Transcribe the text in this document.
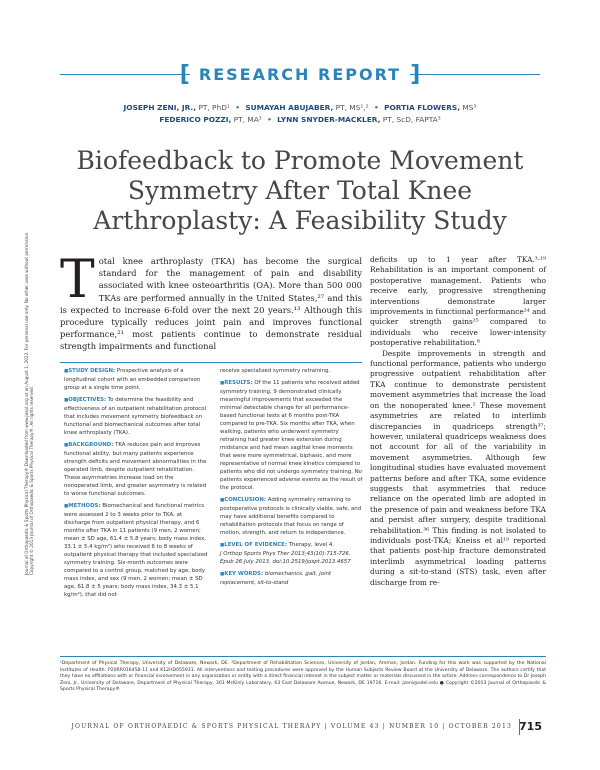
Journal of Orthopaedic & Sports Physical Therapy® Downloaded from www.jospt.org at on August 1, 2022. For personal use only. No other uses without permission. Copyright © 2013 Journal of Orthopaedic & Sports Physical Therapy®. All rights reserved.
RESEARCH REPORT
JOSEPH ZENI, JR., PT, PhD¹ • SUMAYAH ABUJABER, PT, MS¹,² • PORTIA FLOWERS, MS³
FEDERICO POZZI, PT, MA³ • LYNN SNYDER-MACKLER, PT, ScD, FAPTA³
Biofeedback to Promote Movement Symmetry After Total Knee Arthroplasty: A Feasibility Study
T otal knee arthroplasty (TKA) has become the surgical standard for the management of pain and disability associated with knee osteoarthritis (OA). More than 500 000 TKAs are performed annually in the United States,²⁷ and this is expected to increase 6-fold over the next 20 years.¹³ Although this procedure typically reduces joint pain and improves functional performance,²¹ most patients continue to demonstrate residual strength impairments and functional
■ STUDY DESIGN: Prospective analysis of a longitudinal cohort with an embedded comparison group at a single time point.
■ OBJECTIVES: To determine the feasibility and effectiveness of an outpatient rehabilitation protocol that includes movement symmetry biofeedback on functional and biomechanical outcomes after total knee arthroplasty (TKA).
■ BACKGROUND: TKA reduces pain and improves functional ability, but many patients experience strength deficits and movement abnormalities in the operated limb, despite outpatient rehabilitation. These asymmetries increase load on the nonoperated limb, and greater asymmetry is related to worse functional outcomes.
■ METHODS: Biomechanical and functional metrics were assessed 2 to 3 weeks prior to TKA, at discharge from outpatient physical therapy, and 6 months after TKA in 11 patients (9 men, 2 women; mean ± SD age, 61.4 ± 5.8 years; body mass index, 33.1 ± 5.4 kg/m²) who received 6 to 8 weeks of outpatient physical therapy that included specialized symmetry training. Six-month outcomes were compared to a control group, matched by age, body mass index, and sex (9 men, 2 women; mean ± SD age, 61.8 ± 5 years; body mass index, 34.3 ± 5.1 kg/m²), that did not
receive specialized symmetry retraining.
■ RESULTS: Of the 11 patients who received added symmetry training, 9 demonstrated clinically meaningful improvements that exceeded the minimal detectable change for all performance-based functional tests at 6 months post-TKA compared to pre-TKA. Six months after TKA, when walking, patients who underwent symmetry retraining had greater knee extension during midstance and had mean sagittal knee moments that were more symmetrical, biphasic, and more representative of normal knee kinetics compared to patients who did not undergo symmetry training. No patients experienced adverse events as the result of the protocol.
■ CONCLUSION: Adding symmetry retraining to postoperative protocols is clinically viable, safe, and may have additional benefits compared to rehabilitation protocols that focus on range of motion, strength, and return to independence.
■ LEVEL OF EVIDENCE: Therapy, level 4.
J Orthop Sports Phys Ther 2013;43(10):715-726. Epub 26 July 2013. doi:10.2519/jospt.2013.4657
■ KEY WORDS: biomechanics, gait, joint replacement, sit-to-stand

deficits up to 1 year after TKA.³·¹⁹ Rehabilitation is an important component of postoperative management. Patients who receive early, progressive strengthening interventions demonstrate larger improvements in functional performance²⁴ and quicker strength gains²⁵ compared to individuals who receive lower-intensity postoperative rehabilitation.⁸

Despite improvements in strength and functional performance, patients who undergo progressive outpatient rehabilitation after TKA continue to demonstrate persistent movement asymmetries that increase the load on the nonoperated knee.² These movement asymmetries are related to interlimb discrepancies in quadriceps strength³⁷; however, unilateral quadriceps weakness does not account for all of the variability in movement asymmetries. Although few longitudinal studies have evaluated movement patterns before and after TKA, some evidence suggests that asymmetries that reduce reliance on the operated limb are adopted in the presence of pain and weakness before TKA and persist after surgery, despite traditional rehabilitation.³⁶ This finding is not isolated to individuals post-TKA; Kneiss et al¹⁹ reported that patients post-hip fracture demonstrated interlimb asymmetrical loading patterns during a sit-to-stand (STS) task, even after discharge from re-

¹Department of Physical Therapy, University of Delaware, Newark, DE. ²Department of Rehabilitation Sciences, University of Jordan, Amman, Jordan. Funding for this work was supported by the National Institutes of Health: P20RR016458-11 and K12HD055931. All interventions and testing procedures were approved by the Human Subjects Review Board at the University of Delaware. The authors certify that they have no affiliations with or financial involvement in any organization or entity with a direct financial interest in the subject matter or materials discussed in the article. Address correspondence to Dr Joseph Zeni, Jr., University of Delaware, Department of Physical Therapy, 301 McKinly Laboratory, 63 East Delaware Avenue, Newark, DE 19716. E-mail: jzeni@udel.edu ● Copyright ©2013 Journal of Orthopaedic & Sports Physical Therapy®
JOURNAL OF ORTHOPAEDIC & SPORTS PHYSICAL THERAPY | VOLUME 43 | NUMBER 10 | OCTOBER 2013 715
